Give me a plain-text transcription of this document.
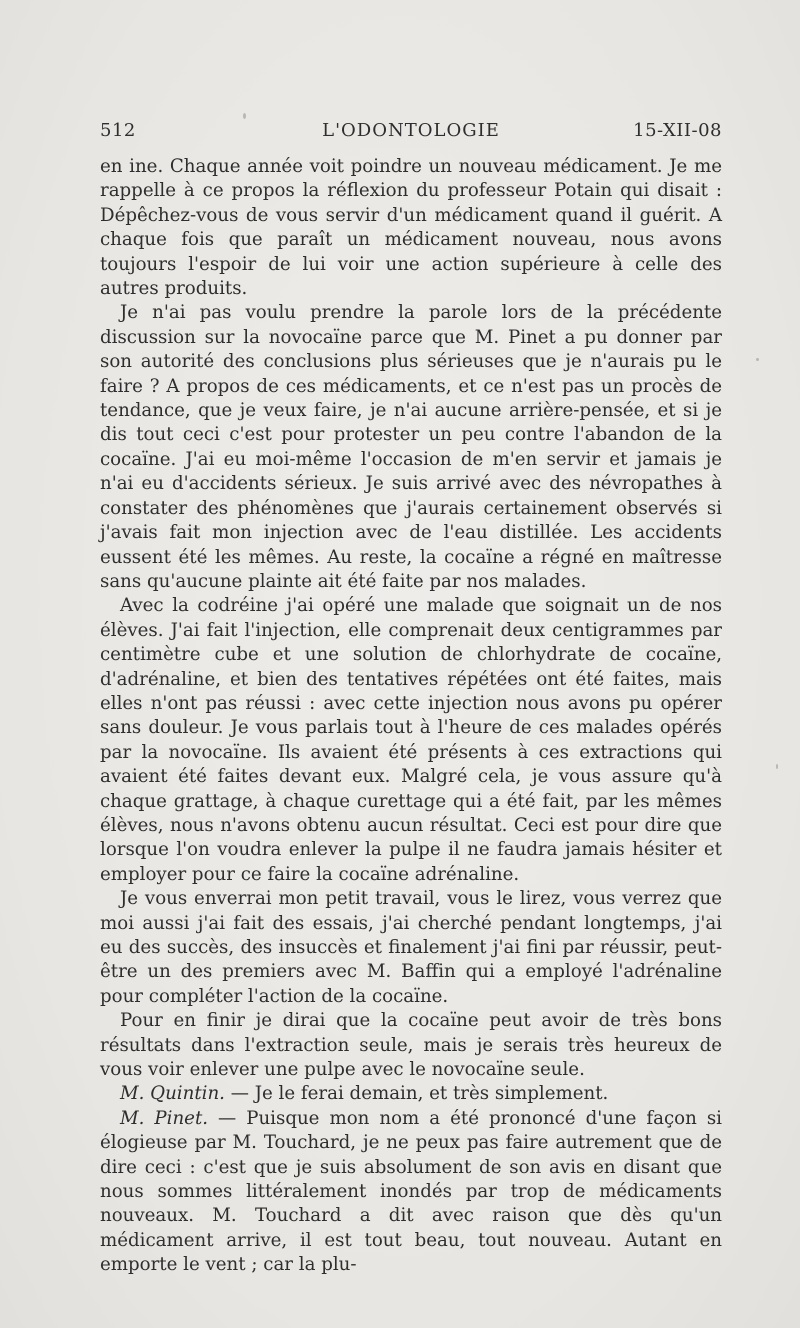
512	L'ODONTOLOGIE	15-XII-08

en ine. Chaque année voit poindre un nouveau médicament. Je me rappelle à ce propos la réflexion du professeur Potain qui disait : Dépêchez-vous de vous servir d'un médicament quand il guérit. A chaque fois que paraît un médicament nouveau, nous avons toujours l'espoir de lui voir une action supérieure à celle des autres produits.

Je n'ai pas voulu prendre la parole lors de la précédente discussion sur la novocaïne parce que M. Pinet a pu donner par son autorité des conclusions plus sérieuses que je n'aurais pu le faire ? A propos de ces médicaments, et ce n'est pas un procès de tendance, que je veux faire, je n'ai aucune arrière-pensée, et si je dis tout ceci c'est pour protester un peu contre l'abandon de la cocaïne. J'ai eu moi-même l'occasion de m'en servir et jamais je n'ai eu d'accidents sérieux. Je suis arrivé avec des névropathes à constater des phénomènes que j'aurais certainement observés si j'avais fait mon injection avec de l'eau distillée. Les accidents eussent été les mêmes. Au reste, la cocaïne a régné en maîtresse sans qu'aucune plainte ait été faite par nos malades.

Avec la codréine j'ai opéré une malade que soignait un de nos élèves. J'ai fait l'injection, elle comprenait deux centigrammes par centimètre cube et une solution de chlorhydrate de cocaïne, d'adrénaline, et bien des tentatives répétées ont été faites, mais elles n'ont pas réussi : avec cette injection nous avons pu opérer sans douleur. Je vous parlais tout à l'heure de ces malades opérés par la novocaïne. Ils avaient été présents à ces extractions qui avaient été faites devant eux. Malgré cela, je vous assure qu'à chaque grattage, à chaque curettage qui a été fait, par les mêmes élèves, nous n'avons obtenu aucun résultat. Ceci est pour dire que lorsque l'on voudra enlever la pulpe il ne faudra jamais hésiter et employer pour ce faire la cocaïne adrénaline.

Je vous enverrai mon petit travail, vous le lirez, vous verrez que moi aussi j'ai fait des essais, j'ai cherché pendant longtemps, j'ai eu des succès, des insuccès et finalement j'ai fini par réussir, peut-être un des premiers avec M. Baffin qui a employé l'adrénaline pour compléter l'action de la cocaïne.

Pour en finir je dirai que la cocaïne peut avoir de très bons résultats dans l'extraction seule, mais je serais très heureux de vous voir enlever une pulpe avec le novocaïne seule.

M. Quintin. — Je le ferai demain, et très simplement.

M. Pinet. — Puisque mon nom a été prononcé d'une façon si élogieuse par M. Touchard, je ne peux pas faire autrement que de dire ceci : c'est que je suis absolument de son avis en disant que nous sommes littéralement inondés par trop de médicaments nouveaux. M. Touchard a dit avec raison que dès qu'un médicament arrive, il est tout beau, tout nouveau. Autant en emporte le vent ; car la plu-
